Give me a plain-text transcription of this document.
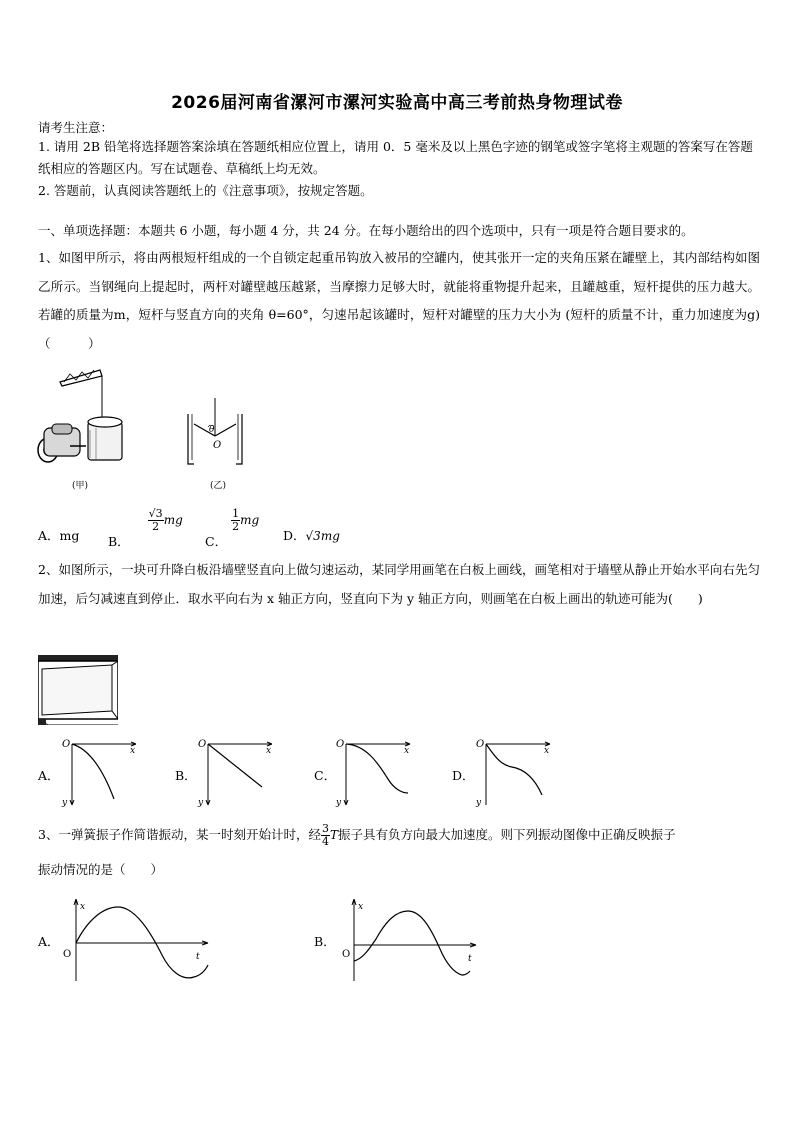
2026届河南省漯河市漯河实验高中高三考前热身物理试卷
请考生注意：
1. 请用 2B 铅笔将选择题答案涂填在答题纸相应位置上，请用 0．5 毫米及以上黑色字迹的钢笔或签字笔将主观题的答案写在答题纸相应的答题区内。写在试题卷、草稿纸上均无效。
2. 答题前，认真阅读答题纸上的《注意事项》，按规定答题。
一、单项选择题：本题共 6 小题，每小题 4 分，共 24 分。在每小题给出的四个选项中，只有一项是符合题目要求的。
1、如图甲所示，将由两根短杆组成的一个自锁定起重吊钩放入被吊的空罐内，使其张开一定的夹角压紧在罐壁上，其内部结构如图乙所示。当钢绳向上提起时，两杆对罐壁越压越紧，当摩擦力足够大时，就能将重物提升起来，且罐越重，短杆提供的压力越大。若罐的质量为m，短杆与竖直方向的夹角 θ=60°，匀速吊起该罐时，短杆对罐壁的压力大小为 (短杆的质量不计，重力加速度为g) （　　　）
(甲)
θ
O
(乙)
A．mg B．
$\frac{√3}{2}$ mg
C．
$\frac{1}{2}$ mg
D．√3mg
2、如图所示，一块可升降白板沿墙壁竖直向上做匀速运动，某同学用画笔在白板上画线，画笔相对于墙壁从静止开始水平向右先匀加速，后匀减速直到停止．取水平向右为 x 轴正方向，竖直向下为 y 轴正方向，则画笔在白板上画出的轨迹可能为(　　)
A．
O
x
y
B．
O
x
y
C．
O
x
y
D．
O
x
y
3、一弹簧振子作简谐振动，某一时刻开始计时，经 $\frac{3}{4}$ T振子具有负方向最大加速度。则下列振动图像中正确反映振子
振动情况的是（　　）
A．
x
O	t
B．
x
O	t
